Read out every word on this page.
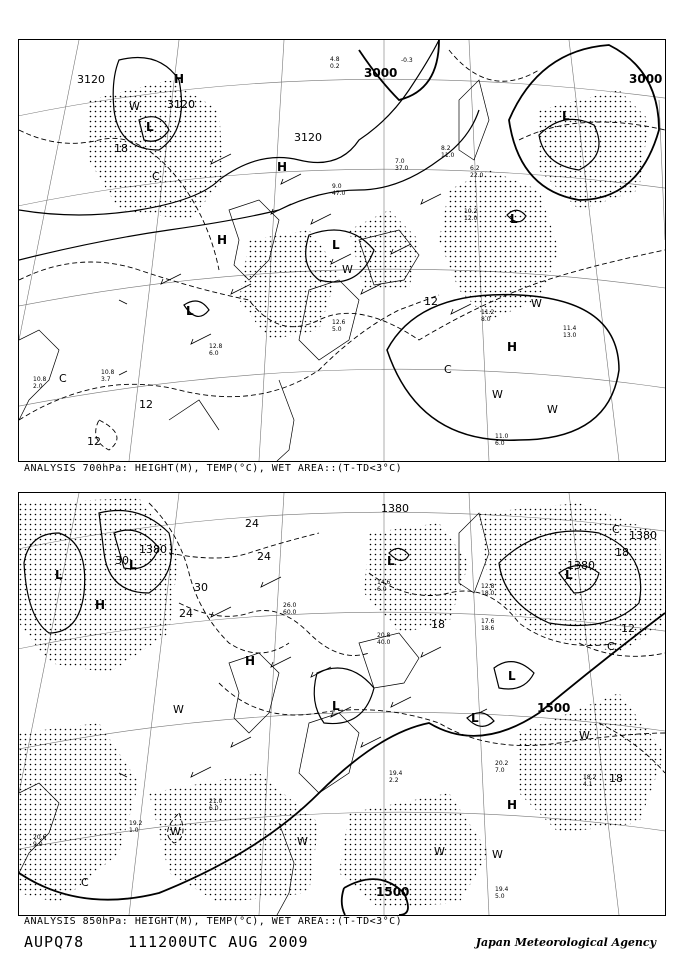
3120
3120
3120
3000	3000
18
12
12
12
-0.3
H
H
H
H
L
L
L
L
L
C
C
C
W
W
W
W
W
10.8
2.0
10.8
3.7
12.8
6.0
11.4
13.0
11.0
6.0
11.2
8.0
12.6
5.0
10.2
12.0
8.2
11.0
6.2
22.0
7.0
37.0
9.0
47.0
4.8
0.2
ANALYSIS 700hPa: HEIGHT(M), TEMP(°C), WET AREA::(T-TD<3°C)
1380
1380
1380
1380
1500
1500
30
30
24
24
24
18
18
12
18
H
H
H
L
L	L
L
L
L
L
C
C
C
W
W
W
W	W
W
20.6
9.0
19.2
1.0
21.0
6.0
19.4
5.0
20.2
7.0
18.2
4.1
19.4
2.2
17.6
18.6
12.8
18.0
20.8
40.0
26.0
60.0
14.6
6.0
ANALYSIS 850hPa: HEIGHT(M), TEMP(°C), WET AREA::(T-TD<3°C)
AUPQ78	111200UTC AUG 2009	Japan Meteorological Agency
